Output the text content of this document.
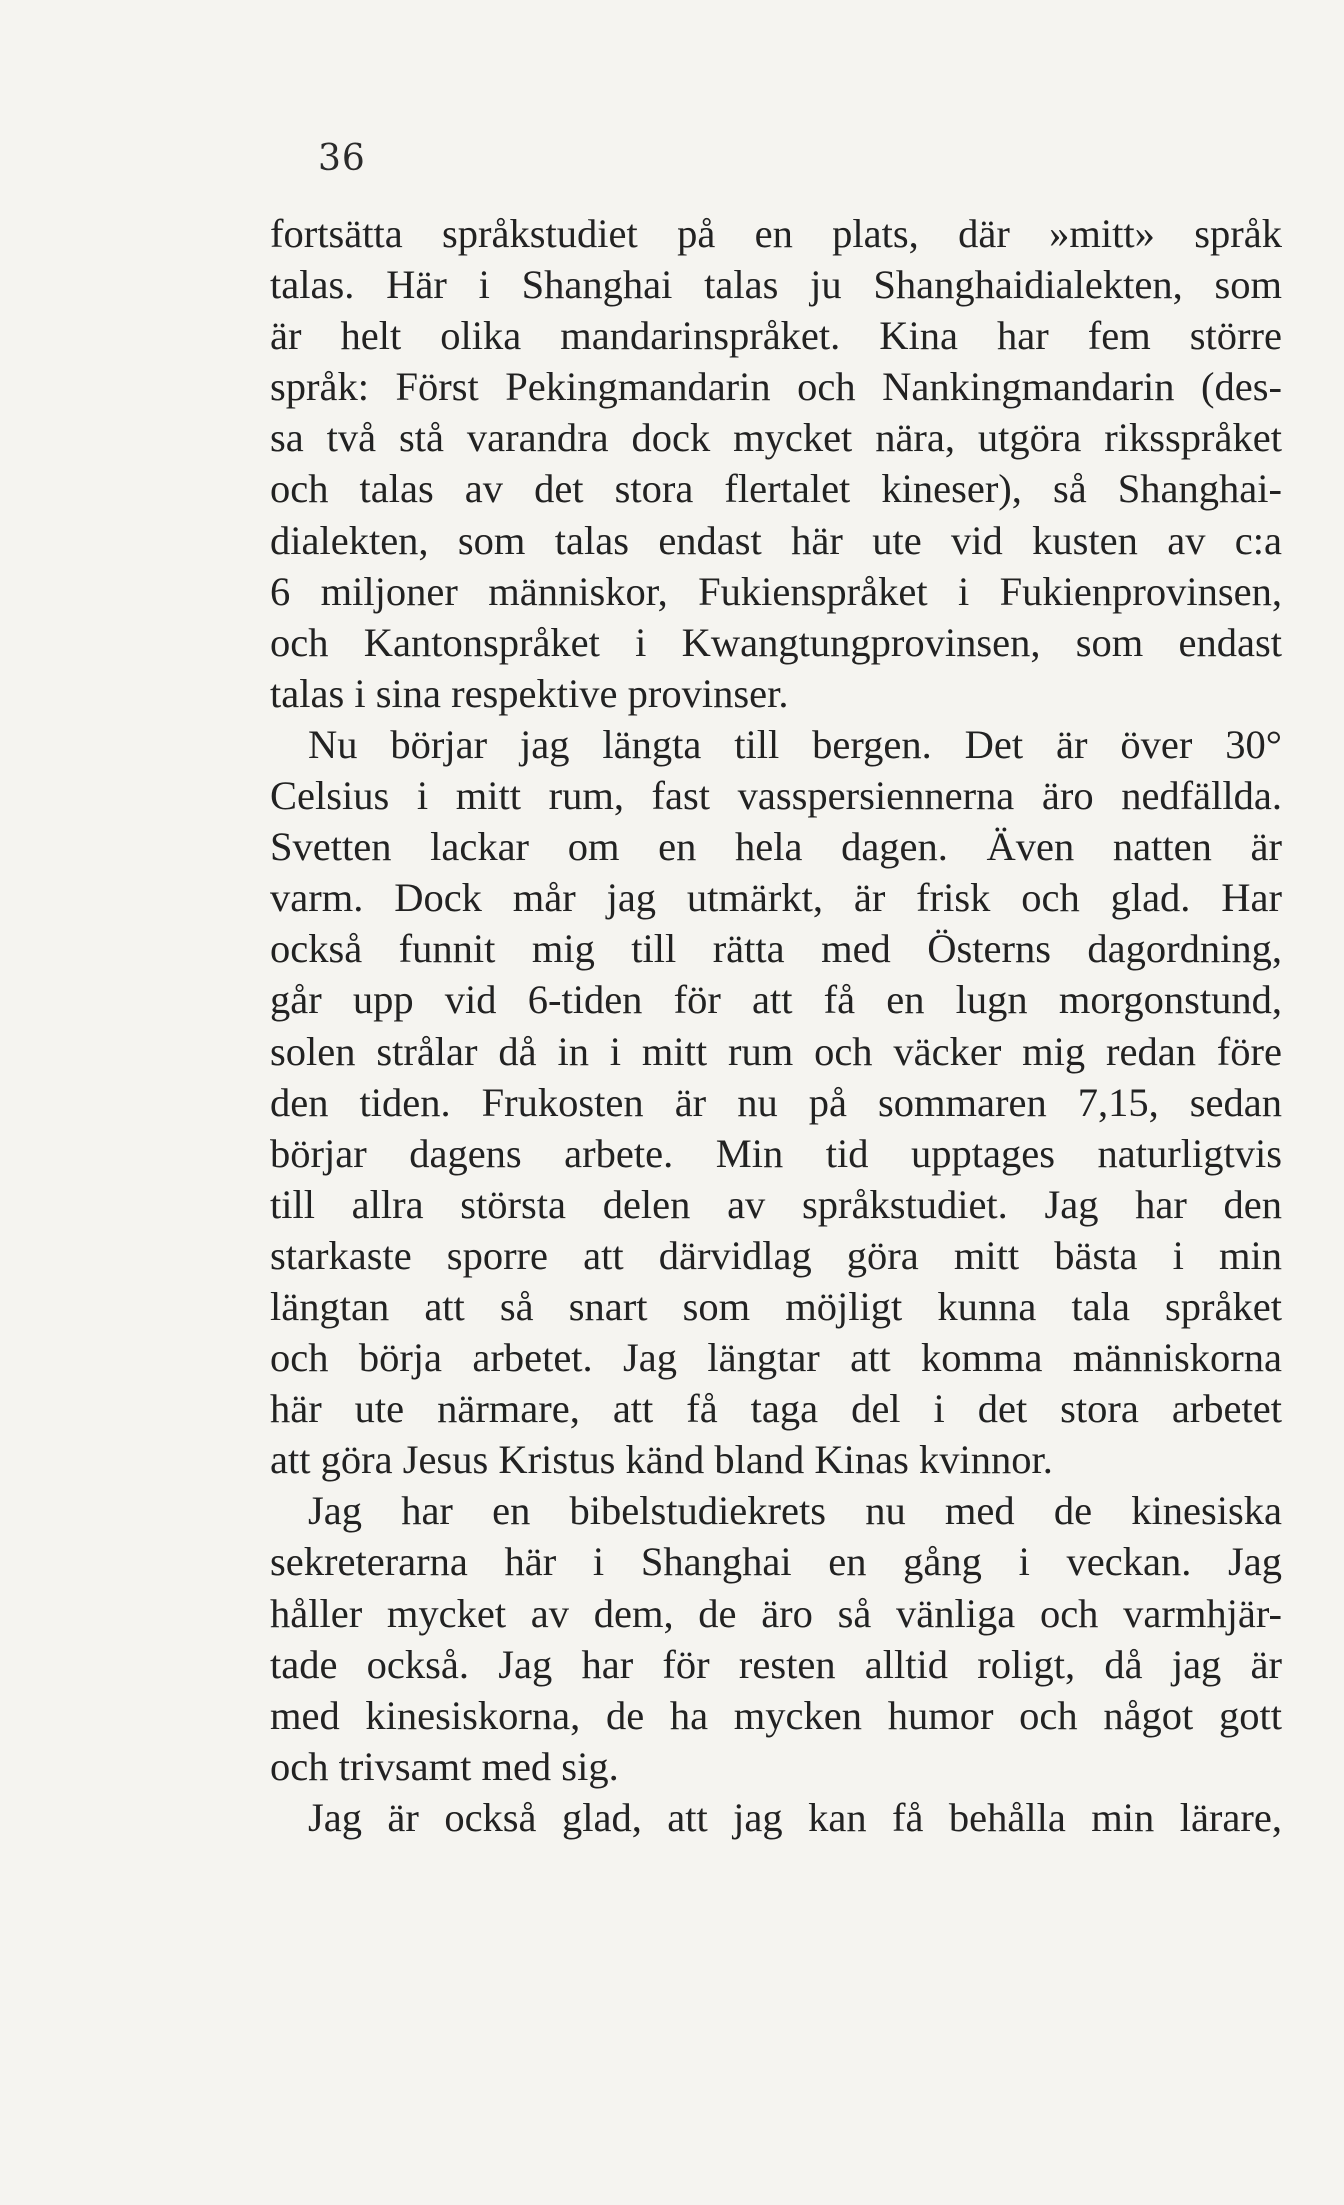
36
fortsätta språkstudiet på en plats, där »mitt» språk
talas. Här i Shanghai talas ju Shanghaidialekten, som
är helt olika mandarinspråket. Kina har fem större
språk: Först Pekingmandarin och Nankingmandarin (des-
sa två stå varandra dock mycket nära, utgöra riksspråket
och talas av det stora flertalet kineser), så Shanghai-
dialekten, som talas endast här ute vid kusten av c:a
6 miljoner människor, Fukienspråket i Fukienprovinsen,
och Kantonspråket i Kwangtungprovinsen, som endast
talas i sina respektive provinser.
Nu börjar jag längta till bergen. Det är över 30°
Celsius i mitt rum, fast vasspersiennerna äro nedfällda.
Svetten lackar om en hela dagen. Även natten är
varm. Dock mår jag utmärkt, är frisk och glad. Har
också funnit mig till rätta med Österns dagordning,
går upp vid 6-tiden för att få en lugn morgonstund,
solen strålar då in i mitt rum och väcker mig redan före
den tiden. Frukosten är nu på sommaren 7,15, sedan
börjar dagens arbete. Min tid upptages naturligtvis
till allra största delen av språkstudiet. Jag har den
starkaste sporre att därvidlag göra mitt bästa i min
längtan att så snart som möjligt kunna tala språket
och börja arbetet. Jag längtar att komma människorna
här ute närmare, att få taga del i det stora arbetet
att göra Jesus Kristus känd bland Kinas kvinnor.
Jag har en bibelstudiekrets nu med de kinesiska
sekreterarna här i Shanghai en gång i veckan. Jag
håller mycket av dem, de äro så vänliga och varmhjär-
tade också. Jag har för resten alltid roligt, då jag är
med kinesiskorna, de ha mycken humor och något gott
och trivsamt med sig.
Jag är också glad, att jag kan få behålla min lärare,
